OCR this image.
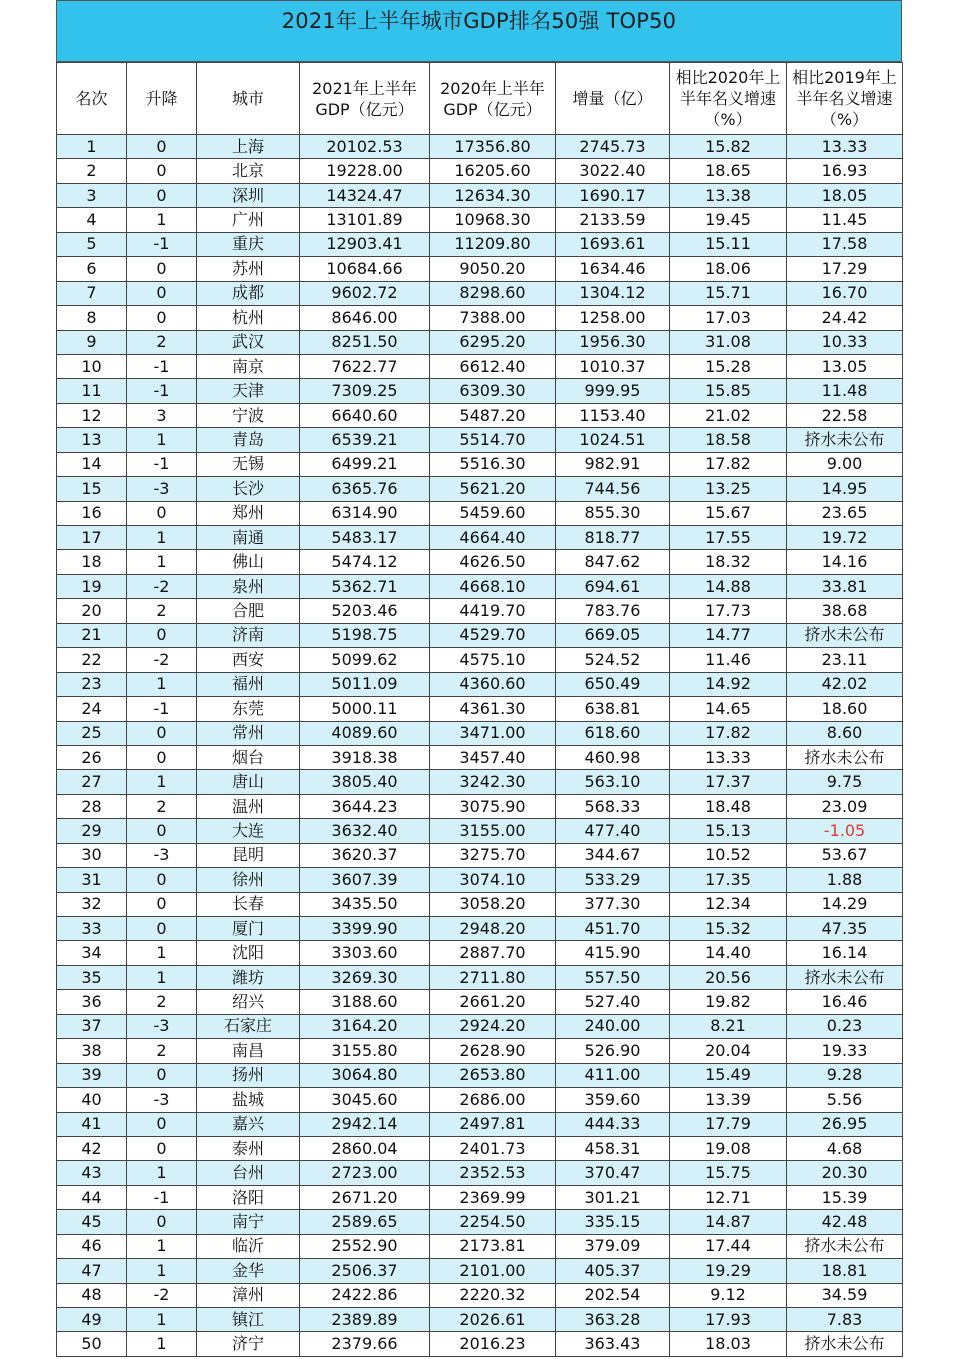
2021年上半年城市GDP排名50强 TOP50
名次	升降	城市	2021年上半年GDP（亿元）	2020年上半年GDP（亿元）	增量（亿）	相比2020年上半年名义增速（%）	相比2019年上半年名义增速（%）
1	0	上海	20102.53	17356.80	2745.73	15.82	13.33
2	0	北京	19228.00	16205.60	3022.40	18.65	16.93
3	0	深圳	14324.47	12634.30	1690.17	13.38	18.05
4	1	广州	13101.89	10968.30	2133.59	19.45	11.45
5	-1	重庆	12903.41	11209.80	1693.61	15.11	17.58
6	0	苏州	10684.66	9050.20	1634.46	18.06	17.29
7	0	成都	9602.72	8298.60	1304.12	15.71	16.70
8	0	杭州	8646.00	7388.00	1258.00	17.03	24.42
9	2	武汉	8251.50	6295.20	1956.30	31.08	10.33
10	-1	南京	7622.77	6612.40	1010.37	15.28	13.05
11	-1	天津	7309.25	6309.30	999.95	15.85	11.48
12	3	宁波	6640.60	5487.20	1153.40	21.02	22.58
13	1	青岛	6539.21	5514.70	1024.51	18.58	挤水未公布
14	-1	无锡	6499.21	5516.30	982.91	17.82	9.00
15	-3	长沙	6365.76	5621.20	744.56	13.25	14.95
16	0	郑州	6314.90	5459.60	855.30	15.67	23.65
17	1	南通	5483.17	4664.40	818.77	17.55	19.72
18	1	佛山	5474.12	4626.50	847.62	18.32	14.16
19	-2	泉州	5362.71	4668.10	694.61	14.88	33.81
20	2	合肥	5203.46	4419.70	783.76	17.73	38.68
21	0	济南	5198.75	4529.70	669.05	14.77	挤水未公布
22	-2	西安	5099.62	4575.10	524.52	11.46	23.11
23	1	福州	5011.09	4360.60	650.49	14.92	42.02
24	-1	东莞	5000.11	4361.30	638.81	14.65	18.60
25	0	常州	4089.60	3471.00	618.60	17.82	8.60
26	0	烟台	3918.38	3457.40	460.98	13.33	挤水未公布
27	1	唐山	3805.40	3242.30	563.10	17.37	9.75
28	2	温州	3644.23	3075.90	568.33	18.48	23.09
29	0	大连	3632.40	3155.00	477.40	15.13	-1.05
30	-3	昆明	3620.37	3275.70	344.67	10.52	53.67
31	0	徐州	3607.39	3074.10	533.29	17.35	1.88
32	0	长春	3435.50	3058.20	377.30	12.34	14.29
33	0	厦门	3399.90	2948.20	451.70	15.32	47.35
34	1	沈阳	3303.60	2887.70	415.90	14.40	16.14
35	1	潍坊	3269.30	2711.80	557.50	20.56	挤水未公布
36	2	绍兴	3188.60	2661.20	527.40	19.82	16.46
37	-3	石家庄	3164.20	2924.20	240.00	8.21	0.23
38	2	南昌	3155.80	2628.90	526.90	20.04	19.33
39	0	扬州	3064.80	2653.80	411.00	15.49	9.28
40	-3	盐城	3045.60	2686.00	359.60	13.39	5.56
41	0	嘉兴	2942.14	2497.81	444.33	17.79	26.95
42	0	泰州	2860.04	2401.73	458.31	19.08	4.68
43	1	台州	2723.00	2352.53	370.47	15.75	20.30
44	-1	洛阳	2671.20	2369.99	301.21	12.71	15.39
45	0	南宁	2589.65	2254.50	335.15	14.87	42.48
46	1	临沂	2552.90	2173.81	379.09	17.44	挤水未公布
47	1	金华	2506.37	2101.00	405.37	19.29	18.81
48	-2	漳州	2422.86	2220.32	202.54	9.12	34.59
49	1	镇江	2389.89	2026.61	363.28	17.93	7.83
50	1	济宁	2379.66	2016.23	363.43	18.03	挤水未公布
